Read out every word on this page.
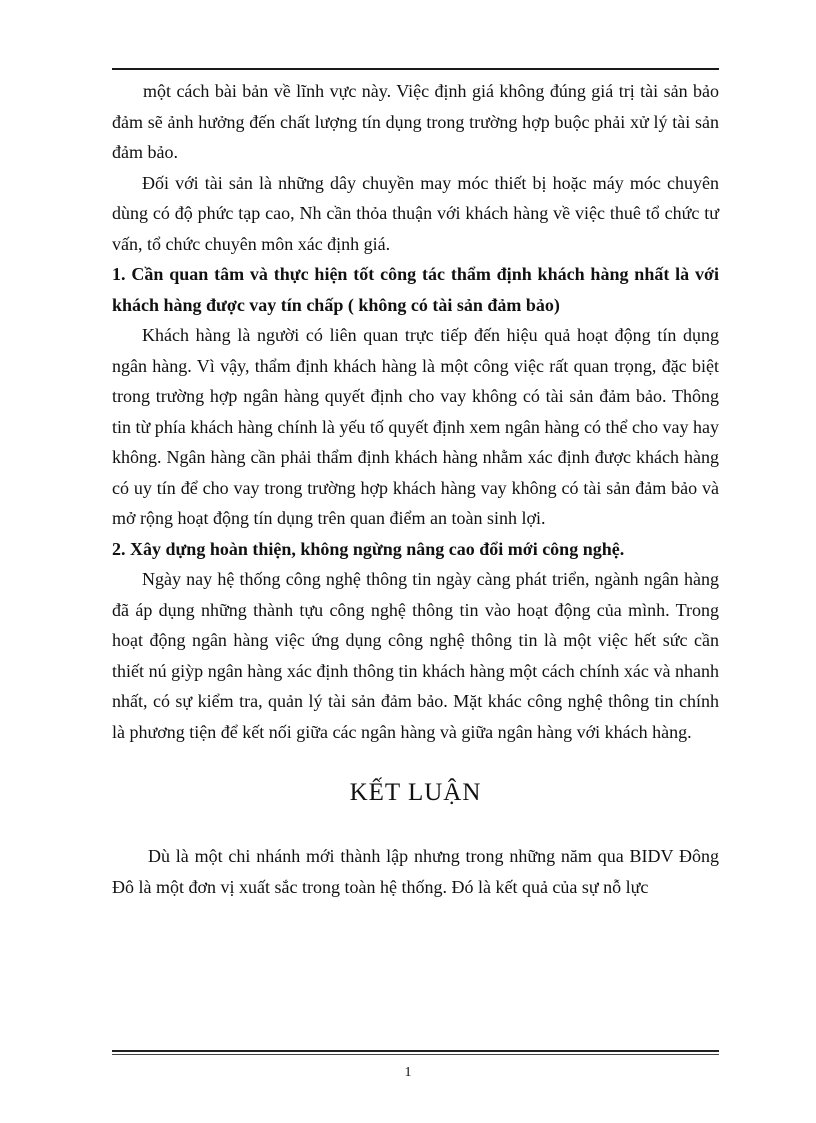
một cách bài bản về lĩnh vực này. Việc định giá không đúng giá trị tài sản bảo đảm sẽ ảnh hưởng đến chất lượng tín dụng trong trường hợp buộc phải xử lý tài sản đảm bảo.

Đối với tài sản là những dây chuyền may móc thiết bị hoặc máy móc chuyên dùng có độ phức tạp cao, Nh cần thỏa thuận với khách hàng về việc thuê tổ chức tư vấn, tổ chức chuyên môn xác định giá.

1. Cần quan tâm và thực hiện tốt công tác thẩm định khách hàng nhất là với khách hàng được vay tín chấp ( không có tài sản đảm bảo)

Khách hàng là người có liên quan trực tiếp đến hiệu quả hoạt động tín dụng ngân hàng. Vì vậy, thẩm định khách hàng là một công việc rất quan trọng, đặc biệt trong trường hợp ngân hàng quyết định cho vay không có tài sản đảm bảo. Thông tin từ phía khách hàng chính là yếu tố quyết định xem ngân hàng có thể cho vay hay không. Ngân hàng cần phải thẩm định khách hàng nhằm xác định được khách hàng có uy tín để cho vay trong trường hợp khách hàng vay không có tài sản đảm bảo và mở rộng hoạt động tín dụng trên quan điểm an toàn sinh lợi.

2. Xây dựng hoàn thiện, không ngừng nâng cao đổi mới công nghệ.

Ngày nay hệ thống công nghệ thông tin ngày càng phát triển, ngành ngân hàng đã áp dụng những thành tựu công nghệ thông tin vào hoạt động của mình. Trong hoạt động ngân hàng việc ứng dụng công nghệ thông tin là một việc hết sức cần thiết nú giỳp ngân hàng xác định thông tin khách hàng một cách chính xác và nhanh nhất, có sự kiểm tra, quản lý tài sản đảm bảo. Mặt khác công nghệ thông tin chính là phương tiện để kết nối giữa các ngân hàng và giữa ngân hàng với khách hàng.

KẾT LUẬN

Dù là một chi nhánh mới thành lập nhưng trong những năm qua BIDV Đông Đô là một đơn vị xuất sắc trong toàn hệ thống. Đó là kết quả của sự nỗ lực

1
